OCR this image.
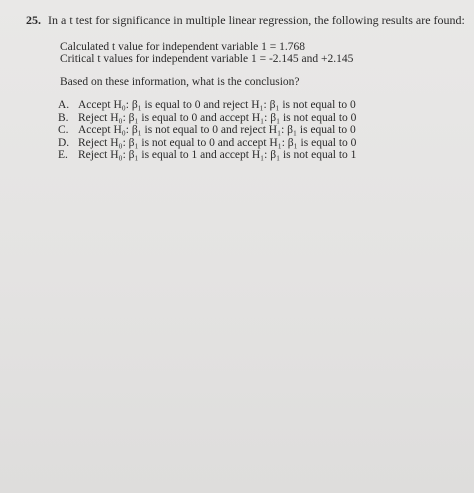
25. In a t test for significance in multiple linear regression, the following results are found:
Calculated t value for independent variable 1 = 1.768
Critical t values for independent variable 1 = -2.145 and +2.145
Based on these information, what is the conclusion?
A. Accept H₀: β₁ is equal to 0 and reject H₁: β₁ is not equal to 0
B. Reject H₀: β₁ is equal to 0 and accept H₁: β₁ is not equal to 0
C. Accept H₀: β₁ is not equal to 0 and reject H₁: β₁ is equal to 0
D. Reject H₀: β₁ is not equal to 0 and accept H₁: β₁ is equal to 0
E. Reject H₀: β₁ is equal to 1 and accept H₁: β₁ is not equal to 1
